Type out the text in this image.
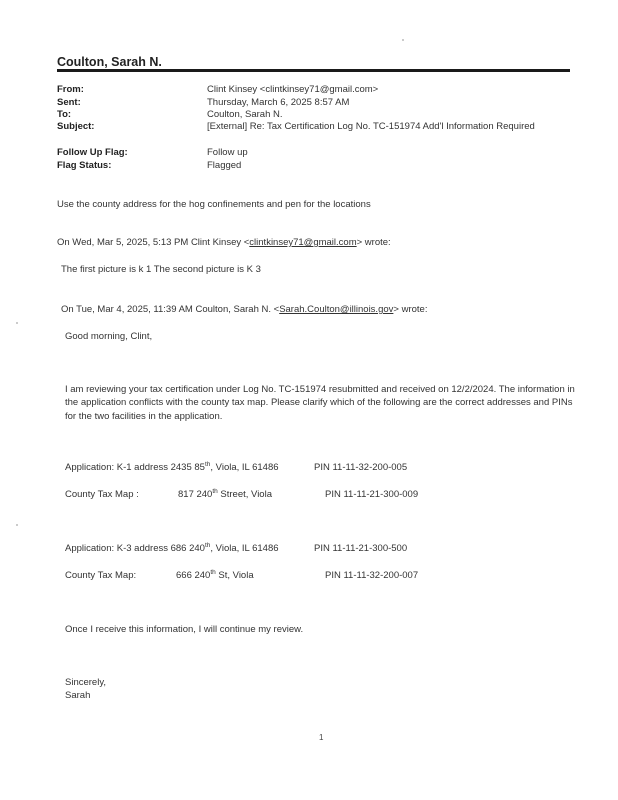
Coulton, Sarah N.
From:	Clint Kinsey <clintkinsey71@gmail.com>
Sent:	Thursday, March 6, 2025 8:57 AM
To:	Coulton, Sarah N.
Subject:	[External] Re: Tax Certification Log No. TC-151974 Add'l Information Required
Follow Up Flag:	Follow up
Flag Status:	Flagged
Use the county address for the hog confinements and pen for the locations
On Wed, Mar 5, 2025, 5:13 PM Clint Kinsey <clintkinsey71@gmail.com> wrote:
The first picture is k 1 The second picture is K 3
On Tue, Mar 4, 2025, 11:39 AM Coulton, Sarah N. <Sarah.Coulton@illinois.gov> wrote:
Good morning, Clint,
I am reviewing your tax certification under Log No. TC-151974 resubmitted and received on 12/2/2024. The information in the application conflicts with the county tax map. Please clarify which of the following are the correct addresses and PINs for the two facilities in the application.
Application: K-1 address 2435 85th, Viola, IL 61486	PIN 11-11-32-200-005
County Tax Map :	817 240th Street, Viola	PIN 11-11-21-300-009
Application: K-3 address 686 240th, Viola, IL 61486	PIN 11-11-21-300-500
County Tax Map:	666 240th St, Viola	PIN 11-11-32-200-007
Once I receive this information, I will continue my review.
Sincerely,
Sarah
1
